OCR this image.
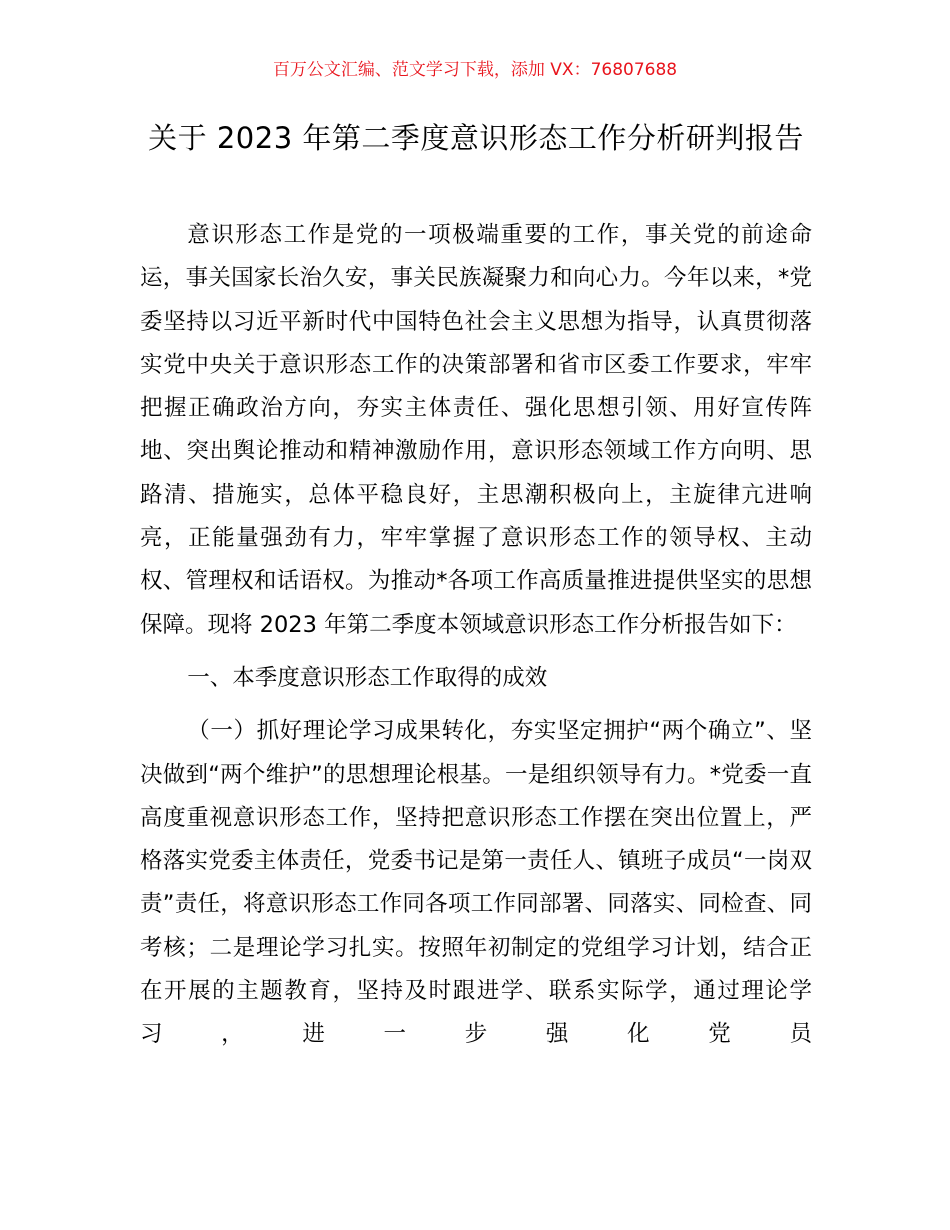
百万公文汇编、范文学习下载，添加 VX：76807688
关于 2023 年第二季度意识形态工作分析研判报告

意识形态工作是党的一项极端重要的工作，事关党的前途命运，事关国家长治久安，事关民族凝聚力和向心力。今年以来，*党委坚持以习近平新时代中国特色社会主义思想为指导，认真贯彻落实党中央关于意识形态工作的决策部署和省市区委工作要求，牢牢把握正确政治方向，夯实主体责任、强化思想引领、用好宣传阵地、突出舆论推动和精神激励作用，意识形态领域工作方向明、思路清、措施实，总体平稳良好，主思潮积极向上，主旋律亢进响亮，正能量强劲有力，牢牢掌握了意识形态工作的领导权、主动权、管理权和话语权。为推动*各项工作高质量推进提供坚实的思想保障。现将 2023 年第二季度本领域意识形态工作分析报告如下：

一、本季度意识形态工作取得的成效

（一）抓好理论学习成果转化，夯实坚定拥护“两个确立”、坚决做到“两个维护”的思想理论根基。一是组织领导有力。*党委一直高度重视意识形态工作，坚持把意识形态工作摆在突出位置上，严格落实党委主体责任，党委书记是第一责任人、镇班子成员“一岗双责”责任，将意识形态工作同各项工作同部署、同落实、同检查、同考核；二是理论学习扎实。按照年初制定的党组学习计划，结合正在开展的主题教育，坚持及时跟进学、联系实际学，通过理论学习，进一步强化党员
